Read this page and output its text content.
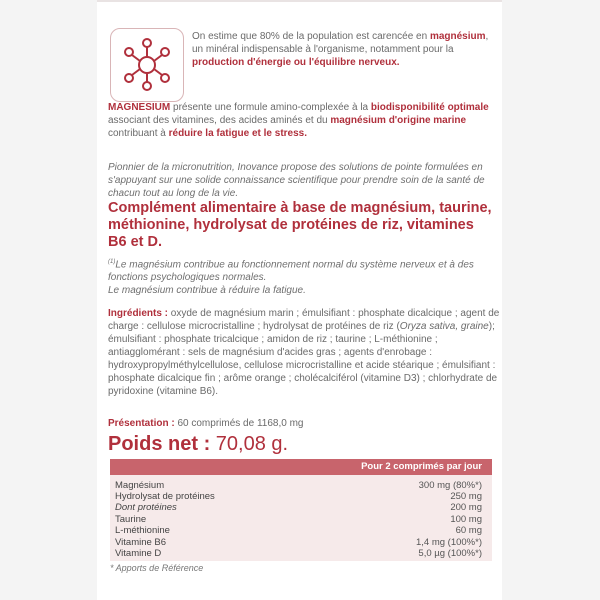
On estime que 80% de la population est carencée en magnésium, un minéral indispensable à l'organisme, notamment pour la production d'énergie ou l'équilibre nerveux.
MAGNESIUM présente une formule amino-complexée à la biodisponibilité optimale associant des vitamines, des acides aminés et du magnésium d'origine marine contribuant à réduire la fatigue et le stress.
Pionnier de la micronutrition, Inovance propose des solutions de pointe formulées en s'appuyant sur une solide connaissance scientifique pour prendre soin de la santé de chacun tout au long de la vie.
Complément alimentaire à base de magnésium, taurine, méthionine, hydrolysat de protéines de riz, vitamines B6 et D.
$^{(1)}$Le magnésium contribue au fonctionnement normal du système nerveux et à des fonctions psychologiques normales.
Le magnésium contribue à réduire la fatigue.
Ingrédients : oxyde de magnésium marin ; émulsifiant : phosphate dicalcique ; agent de charge : cellulose microcristalline ; hydrolysat de protéines de riz (Oryza sativa, graine); émulsifiant : phosphate tricalcique ; amidon de riz ; taurine ; L-méthionine ; antiagglomérant : sels de magnésium d'acides gras ; agents d'enrobage : hydroxypropylméthylcellulose, cellulose microcristalline et acide stéarique ; émulsifiant : phosphate dicalcique fin ; arôme orange ; cholécalciférol (vitamine D3) ; chlorhydrate de pyridoxine (vitamine B6).
Présentation : 60 comprimés de 1168,0 mg
Poids net : 70,08 g.
Pour 2 comprimés par jour
Magnésium	300 mg (80%*)
Hydrolysat de protéines	250 mg
Dont protéines	200 mg
Taurine	100 mg
L-méthionine	60 mg
Vitamine B6	1,4 mg (100%*)
Vitamine D	5,0 µg (100%*)
* Apports de Référence
